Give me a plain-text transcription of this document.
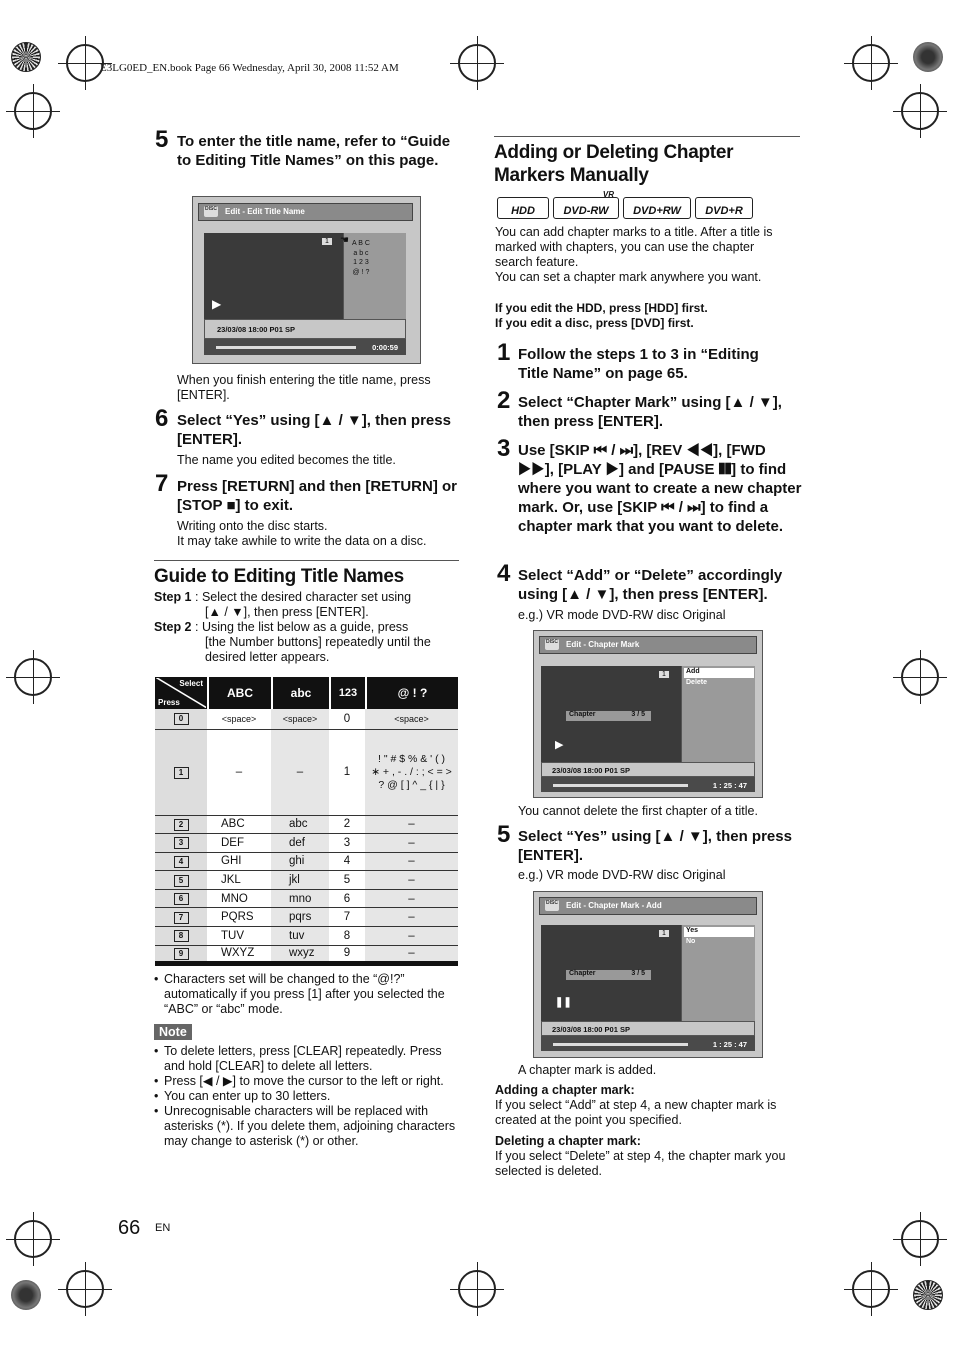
E3LG0ED_EN.book Page 66 Wednesday, April 30, 2008 11:52 AM
5 To enter the title name, refer to “Guide to Editing Title Names” on this page.
DISC Edit - Edit Title Name
1
▶
A B C
a b c
1 2 3
@ ! ?
☚
23/03/08 18:00 P01 SP
0:00:59
When you finish entering the title name, press [ENTER].
6 Select “Yes” using [▲ / ▼], then press [ENTER].
The name you edited becomes the title.
7 Press [RETURN] and then [RETURN] or [STOP ■] to exit.
Writing onto the disc starts.
It may take awhile to write the data on a disc.
Guide to Editing Title Names
Step 1 : Select the desired character set using
[▲ / ▼], then press [ENTER].
Step 2 : Using the list below as a guide, press
[the Number buttons] repeatedly until the
desired letter appears.
Select
Press
ABC	abc	123	@ ! ?
0	<space>	<space>	0	<space>
1	–	–	1	! " # $ % & ' ( )
∗ + , - . / : ; < = >
? @ [ ] ^ _ { | }

2	ABC	abc	2	–
3	DEF	def	3	–
4	GHI	ghi	4	–
5	JKL	jkl	5	–
6	MNO	mno	6	–
7	PQRS	pqrs	7	–
8	TUV	tuv	8	–
9	WXYZ	wxyz	9	–
• Characters set will be changed to the “@!?” automatically if you press [1] after you selected the “ABC” or “abc” mode.
Note
• To delete letters, press [CLEAR] repeatedly. Press and hold [CLEAR] to delete all letters.
• Press [◀ / ▶] to move the cursor to the left or right.
• You can enter up to 30 letters.
• Unrecognisable characters will be replaced with asterisks (*). If you delete them, adjoining characters may change to asterisk (*) or other.
Adding or Deleting Chapter Markers Manually
HDD
VR
DVD-RW	DVD+RW	DVD+R
You can add chapter marks to a title. After a title is marked with chapters, you can use the chapter search feature.
You can set a chapter mark anywhere you want.
If you edit the HDD, press [HDD] first.
If you edit a disc, press [DVD] first.
1 Follow the steps 1 to 3 in “Editing Title Name” on page 65.
2 Select “Chapter Mark” using [▲ / ▼], then press [ENTER].
3 Use [SKIP ⏮ / ⏭], [REV ◀◀], [FWD ▶▶], [PLAY ▶] and [PAUSE ❚❚] to find where you want to create a new chapter mark. Or, use [SKIP ⏮ / ⏭] to find a chapter mark that you want to delete.
4 Select “Add” or “Delete” accordingly using [▲ / ▼], then press [ENTER].
e.g.) VR mode DVD-RW disc Original
DISC Edit - Chapter Mark
1
Chapter	3 / 5
▶
Add
Delete
23/03/08 18:00 P01 SP
1 : 25 : 47
You cannot delete the first chapter of a title.
5 Select “Yes” using [▲ / ▼], then press [ENTER].
e.g.) VR mode DVD-RW disc Original
DISC Edit - Chapter Mark - Add
1
Chapter	3 / 5
❚❚
Yes
No
23/03/08 18:00 P01 SP
1 : 25 : 47
A chapter mark is added.
Adding a chapter mark:
If you select “Add” at step 4, a new chapter mark is created at the point you specified.
Deleting a chapter mark:
If you select “Delete” at step 4, the chapter mark you selected is deleted.
66 EN
